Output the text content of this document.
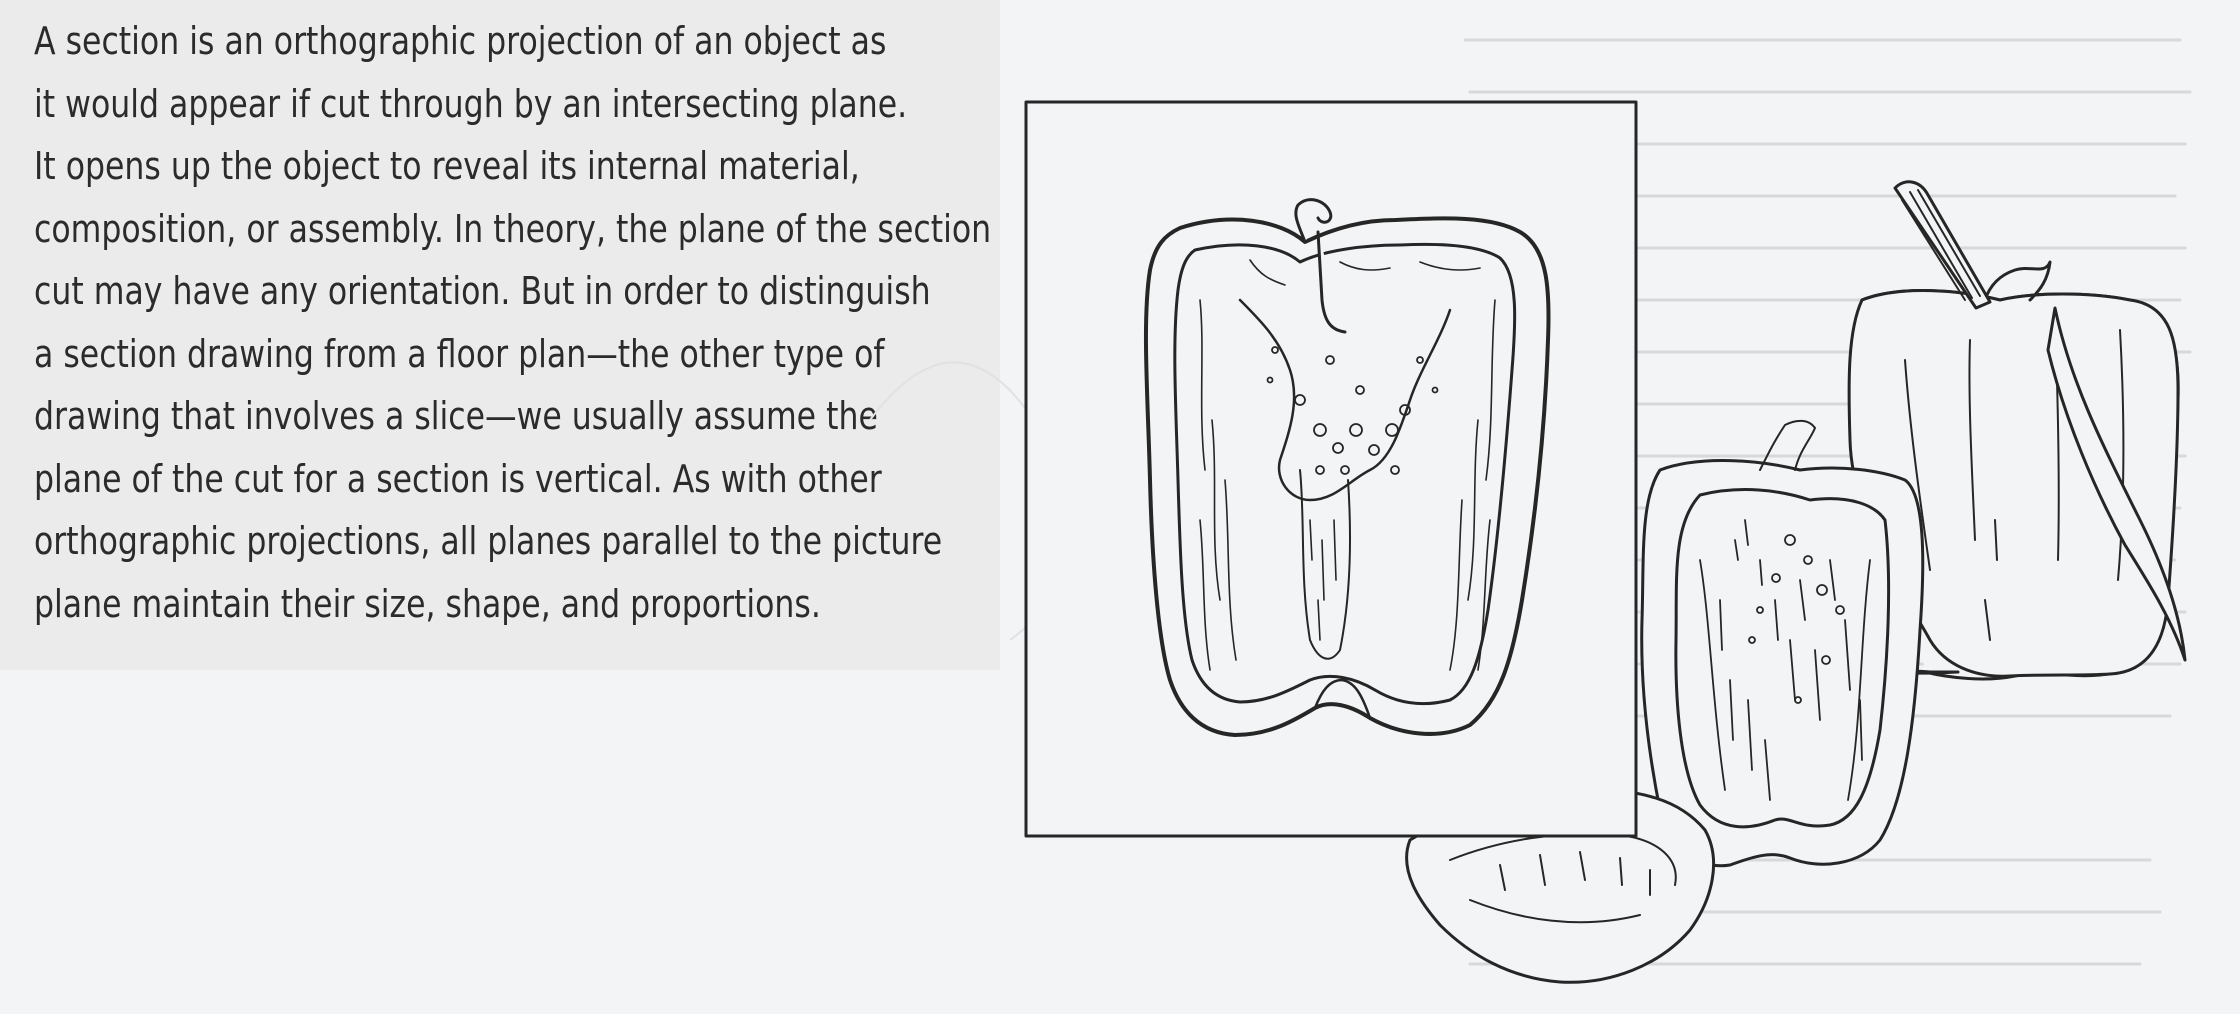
A section is an orthographic projection of an object as
it would appear if cut through by an intersecting plane.
It opens up the object to reveal its internal material,
composition, or assembly. In theory, the plane of the section
cut may have any orientation. But in order to distinguish
a section drawing from a floor plan—the other type of
drawing that involves a slice—we usually assume the
plane of the cut for a section is vertical. As with other
orthographic projections, all planes parallel to the picture
plane maintain their size, shape, and proportions.
